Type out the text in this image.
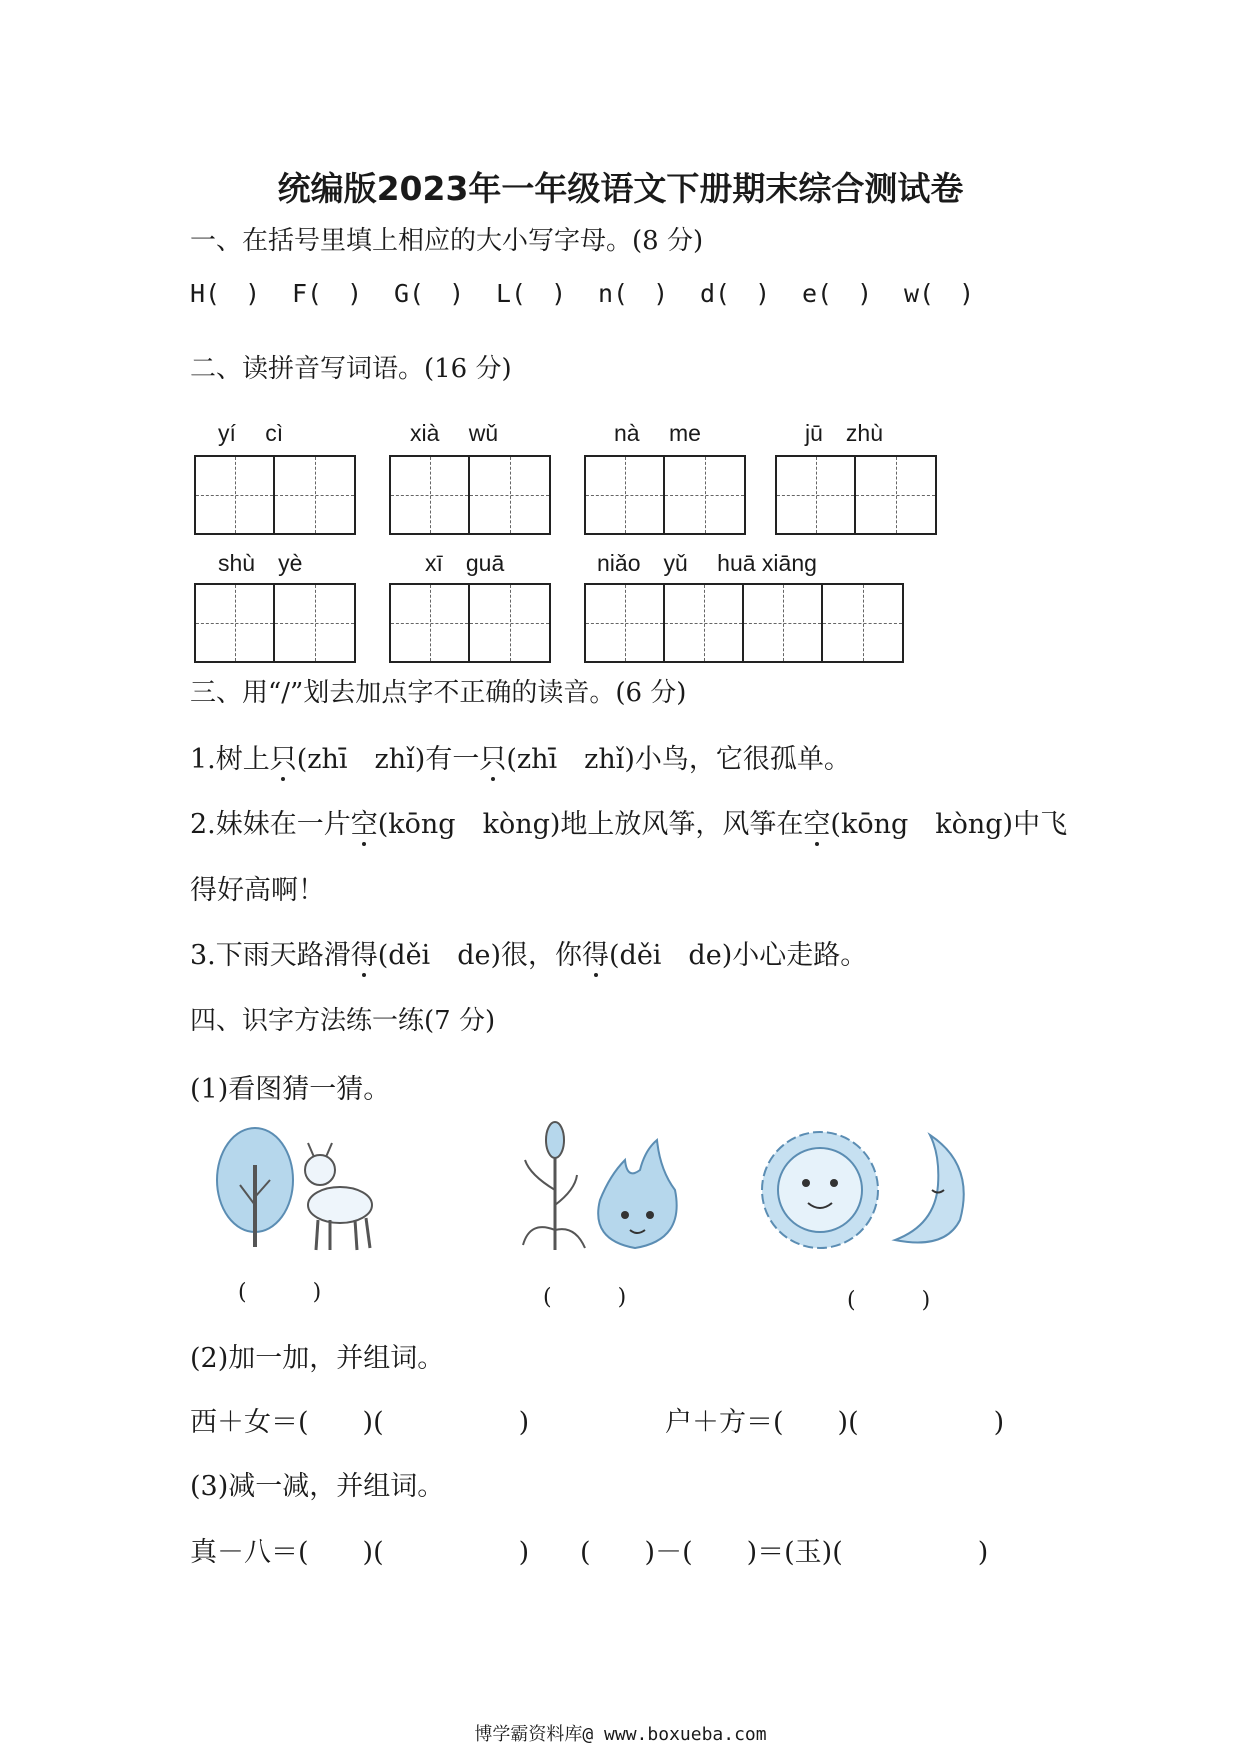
统编版2023年一年级语文下册期末综合测试卷
一、在括号里填上相应的大小写字母。(8 分)
H(　)	F(　)	G(　)	L(　)	n(　)	d(　)	e(　)	w(　)
二、读拼音写词语。(16 分)
yí　 cì	xià　 wǔ	nà　 me	jū　zhù
shù　yè	xī　guā	niǎo　yǔ　 huā xiāng
三、用“/”划去加点字不正确的读音。(6 分)
1.树上只(zhī　zhǐ)有一只(zhī　zhǐ)小鸟，它很孤单。
2.妹妹在一片空(kōng　kòng)地上放风筝，风筝在空(kōng　kòng)中飞
得好高啊！
3.下雨天路滑得(děi　de)很，你得(děi　de)小心走路。
四、识字方法练一练(7 分)
(1)看图猜一猜。
(　　　)	(　　　)	(　　　)
(2)加一加，并组词。
西＋女＝(　　)(　　　　　)	户＋方＝(　　)(　　　　　)
(3)减一减，并组词。
真－八＝(　　)(　　　　　) (　　)－(　　)＝(玉)(　　　　　)
博学霸资料库@ www.boxueba.com
